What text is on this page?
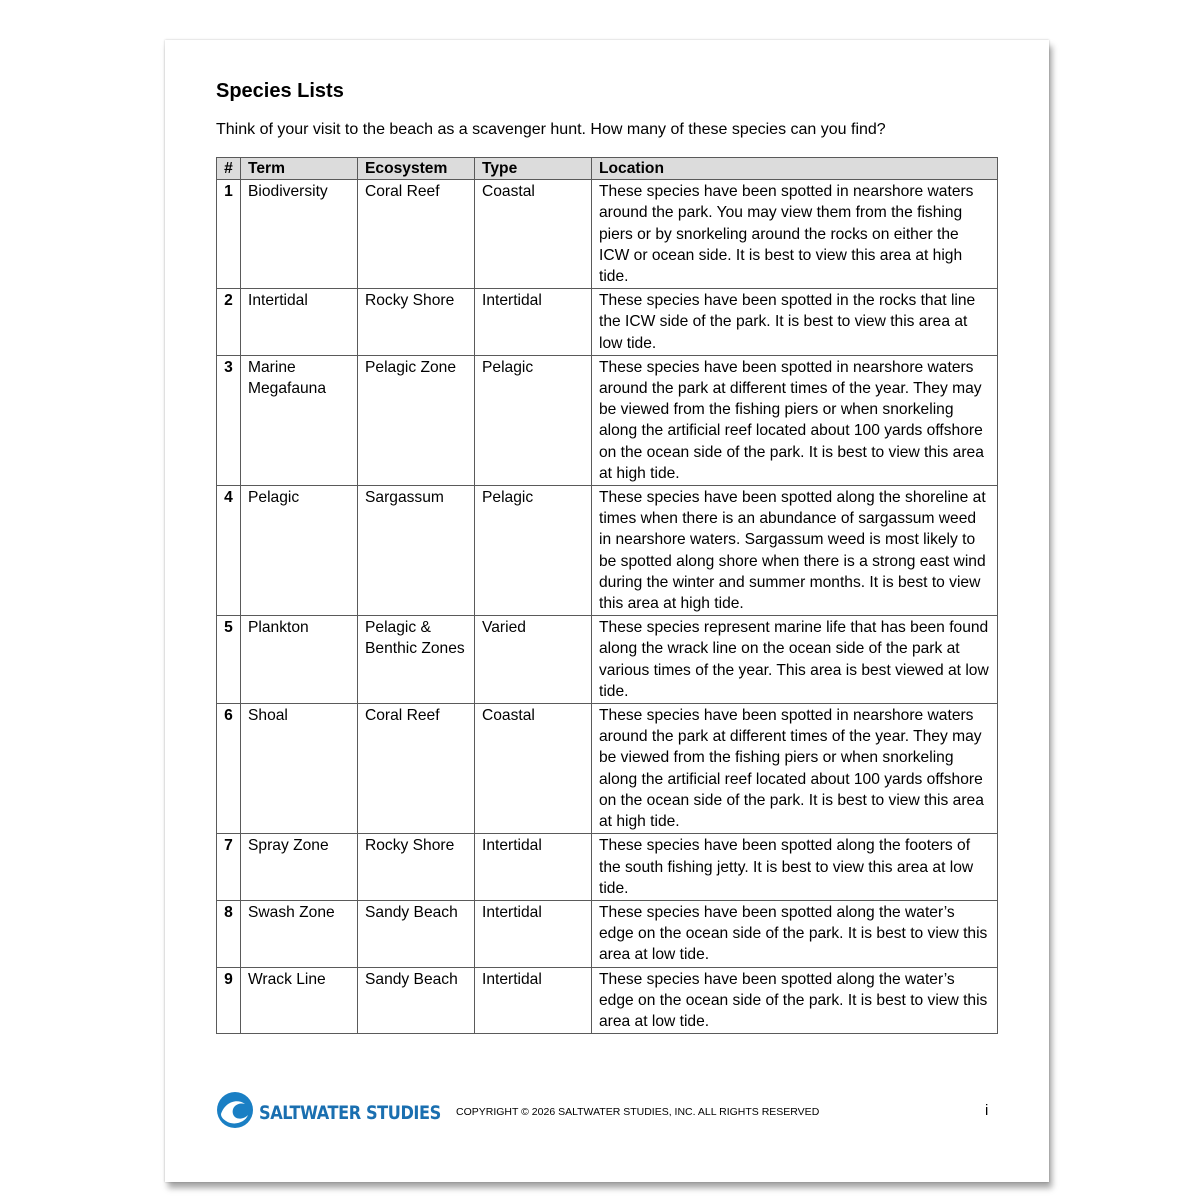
Species Lists
Think of your visit to the beach as a scavenger hunt. How many of these species can you find?
#	Term	Ecosystem	Type	Location
1	Biodiversity	Coral Reef	Coastal	These species have been spotted in nearshore waters around the park. You may view them from the fishing piers or by snorkeling around the rocks on either the ICW or ocean side. It is best to view this area at high tide.
2	Intertidal	Rocky Shore	Intertidal	These species have been spotted in the rocks that line the ICW side of the park. It is best to view this area at low tide.
3	Marine Megafauna	Pelagic Zone	Pelagic	These species have been spotted in nearshore waters around the park at different times of the year. They may be viewed from the fishing piers or when snorkeling along the artificial reef located about 100 yards offshore on the ocean side of the park. It is best to view this area at high tide.
4	Pelagic	Sargassum	Pelagic	These species have been spotted along the shoreline at times when there is an abundance of sargassum weed in nearshore waters. Sargassum weed is most likely to be spotted along shore when there is a strong east wind during the winter and summer months. It is best to view this area at high tide.
5	Plankton	Pelagic & Benthic Zones	Varied	These species represent marine life that has been found along the wrack line on the ocean side of the park at various times of the year. This area is best viewed at low tide.
6	Shoal	Coral Reef	Coastal	These species have been spotted in nearshore waters around the park at different times of the year. They may be viewed from the fishing piers or when snorkeling along the artificial reef located about 100 yards offshore on the ocean side of the park. It is best to view this area at high tide.
7	Spray Zone	Rocky Shore	Intertidal	These species have been spotted along the footers of the south fishing jetty. It is best to view this area at low tide.
8	Swash Zone	Sandy Beach	Intertidal	These species have been spotted along the water’s edge on the ocean side of the park. It is best to view this area at low tide.
9	Wrack Line	Sandy Beach	Intertidal	These species have been spotted along the water’s edge on the ocean side of the park. It is best to view this area at low tide.
SALTWATER STUDIES COPYRIGHT © 2026 SALTWATER STUDIES, INC. ALL RIGHTS RESERVED	i
